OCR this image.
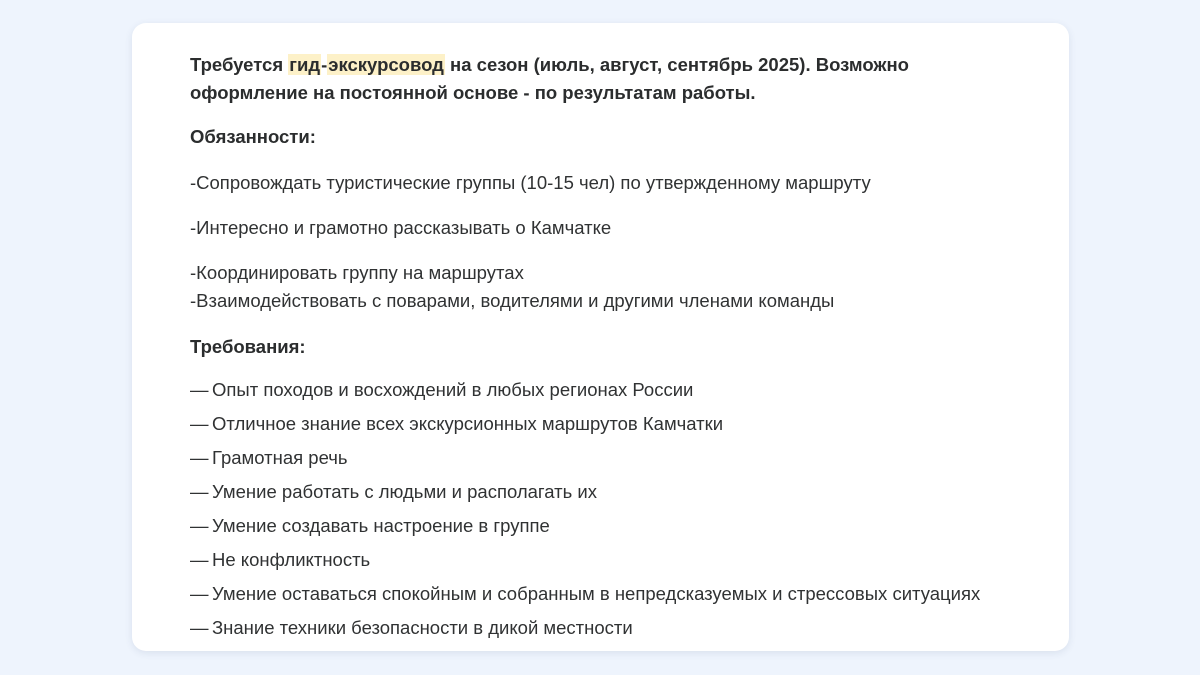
Требуется гид-экскурсовод на сезон (июль, август, сентябрь 2025). Возможно
оформление на постоянной основе - по результатам работы.

Обязанности:

-Сопровождать туристические группы (10-15 чел) по утвержденному маршруту

-Интересно и грамотно рассказывать о Камчатке

-Координировать группу на маршрутах

-Взаимодействовать с поварами, водителями и другими членами команды

Требования:

— Опыт походов и восхождений в любых регионах России
— Отличное знание всех экскурсионных маршрутов Камчатки
— Грамотная речь
— Умение работать с людьми и располагать их
— Умение создавать настроение в группе
— Не конфликтность
— Умение оставаться спокойным и собранным в непредсказуемых и стрессовых ситуациях
— Знание техники безопасности в дикой местности
